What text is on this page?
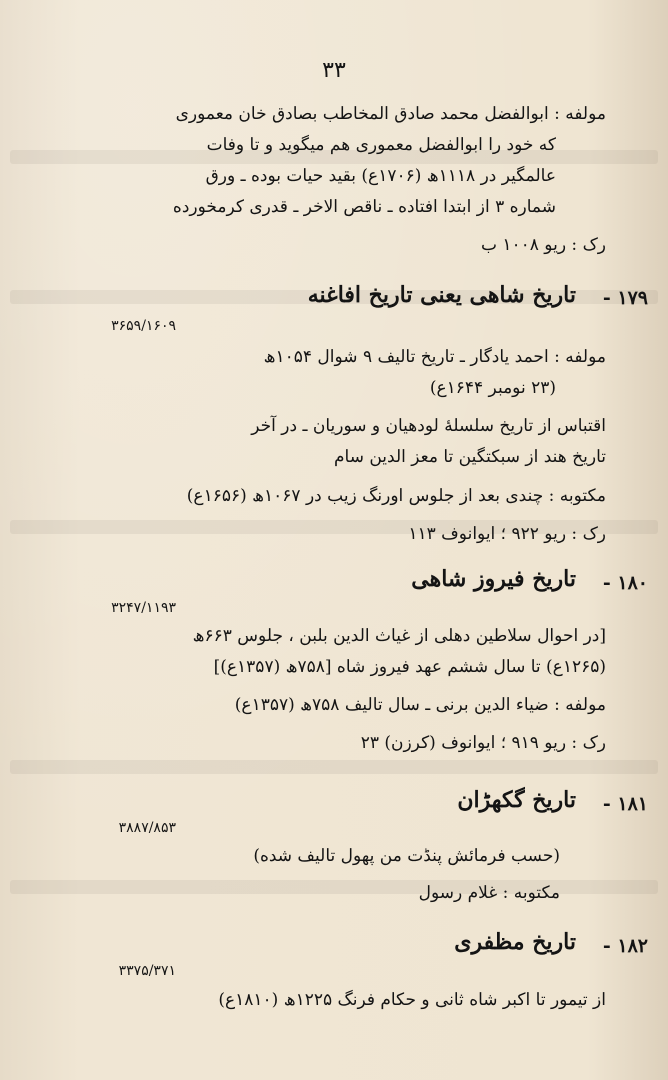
۳۳
مولفه : ابوالفضل محمد صادق المخاطب بصادق خان معموری
که خود را ابوالفضل معموری هم میگوید و تا وفات
عالمگیر در ۱۱۱۸ھ (۱۷۰۶ع) بقید حیات بوده ـ ورق
شماره ۳ از ابتدا افتاده ـ ناقص الاخر ـ قدری کرمخورده
رک : ریو ۱۰۰۸ ب
۱۷۹ -
تاریخ شاهی یعنی تاریخ افاغنه
۳۶۵۹/۱۶۰۹
مولفه : احمد یادگار ـ تاریخ تالیف ۹ شوال ۱۰۵۴ھ
(۲۳ نومبر ۱۶۴۴ع)
اقتباس از تاریخ سلسلهٔ لودهیان و سوریان ـ در آخر
تاریخ هند از سبکتگین تا معز الدین سام
مکتوبه : چندی بعد از جلوس اورنگ زیب در ۱۰۶۷ھ (۱۶۵۶ع)
رک : ریو ۹۲۲ ؛ ایوانوف ۱۱۳
۱۸۰ -
تاریخ فیروز شاهی
۳۲۴۷/۱۱۹۳
[در احوال سلاطین دهلی از غیاث الدین بلبن ، جلوس ۶۶۳ھ
(۱۲۶۵ع) تا سال ششم عهد فیروز شاه [۷۵۸ھ (۱۳۵۷ع)]
مولفه : ضیاء الدین برنی ـ سال تالیف ۷۵۸ھ (۱۳۵۷ع)
رک : ریو ۹۱۹ ؛ ایوانوف (کرزن) ۲۳
۱۸۱ -
تاریخ گکهڑان
۳۸۸۷/۸۵۳
(حسب فرمائش پنڈت من پهول تالیف شده)
مکتوبه : غلام رسول
۱۸۲ -
تاریخ مظفری
۳۳۷۵/۳۷۱
از تیمور تا اکبر شاه ثانی و حکام فرنگ ۱۲۲۵ھ (۱۸۱۰ع)
